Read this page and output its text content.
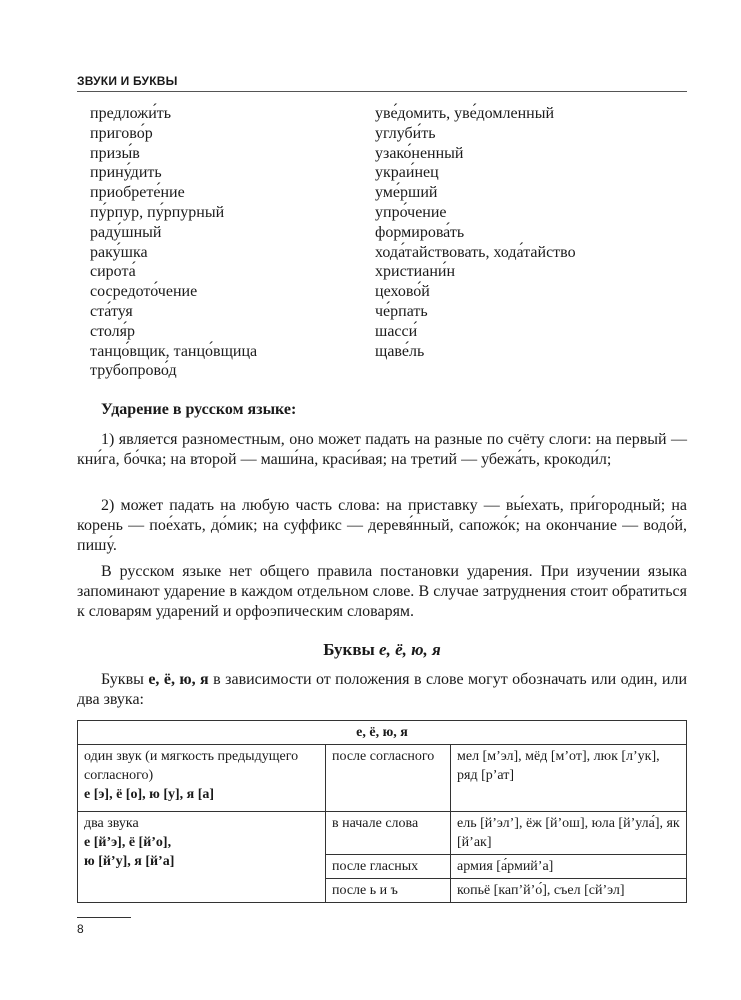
ЗВУКИ И БУКВЫ
предложи́ть
пригово́р
призы́в
прину́дить
приобрете́ние
пу́рпур, пу́рпурный
раду́шный
раку́шка
сирота́
сосредото́чение
ста́туя
столя́р
танцо́вщик, танцо́вщица
трубопрово́д
уве́домить, уве́домленный
углуби́ть
узако́ненный
украи́нец
уме́рший
упро́чение
формирова́ть
хода́тайствовать, хода́тайство
христиани́н
цехово́й
че́рпать
шасси́
щаве́ль
Ударение в русском языке:

1) является разноместным, оно может падать на разные по счёту слоги: на первый — кни́га, бо́чка; на второй — маши́на, краси́вая; на третий — убежа́ть, крокоди́л;

2) может падать на любую часть слова: на приставку — вы́ехать, при́городный; на корень — пое́хать, до́мик; на суффикс — деревя́нный, сапожо́к; на окончание — водо́й, пишу́.

В русском языке нет общего правила постановки ударения. При изучении языка запоминают ударение в каждом отдельном слове. В случае затруднения стоит обратиться к словарям ударений и орфоэпическим словарям.

Буквы е, ё, ю, я

Буквы е, ё, ю, я в зависимости от положения в слове могут обозначать или один, или два звука:

е, ё, ю, я		
один звук (и мягкость предыдущего согласного)
е [э], ё [о], ю [у], я [а]	после согласного	мел [м’эл], мёд [м’от], люк [л’ук], ряд [р’ат]
два звука
е [й’э], ё [й’о],
ю [й’у], я [й’а]	в начале слова	ель [й’эл’], ёж [й’ош], юла [й’ула́], як [й’ак]
	после гласных	армия [а́рмий’а]
	после ь и ъ	копьё [кап’й’о́], съел [сй’эл]
8
